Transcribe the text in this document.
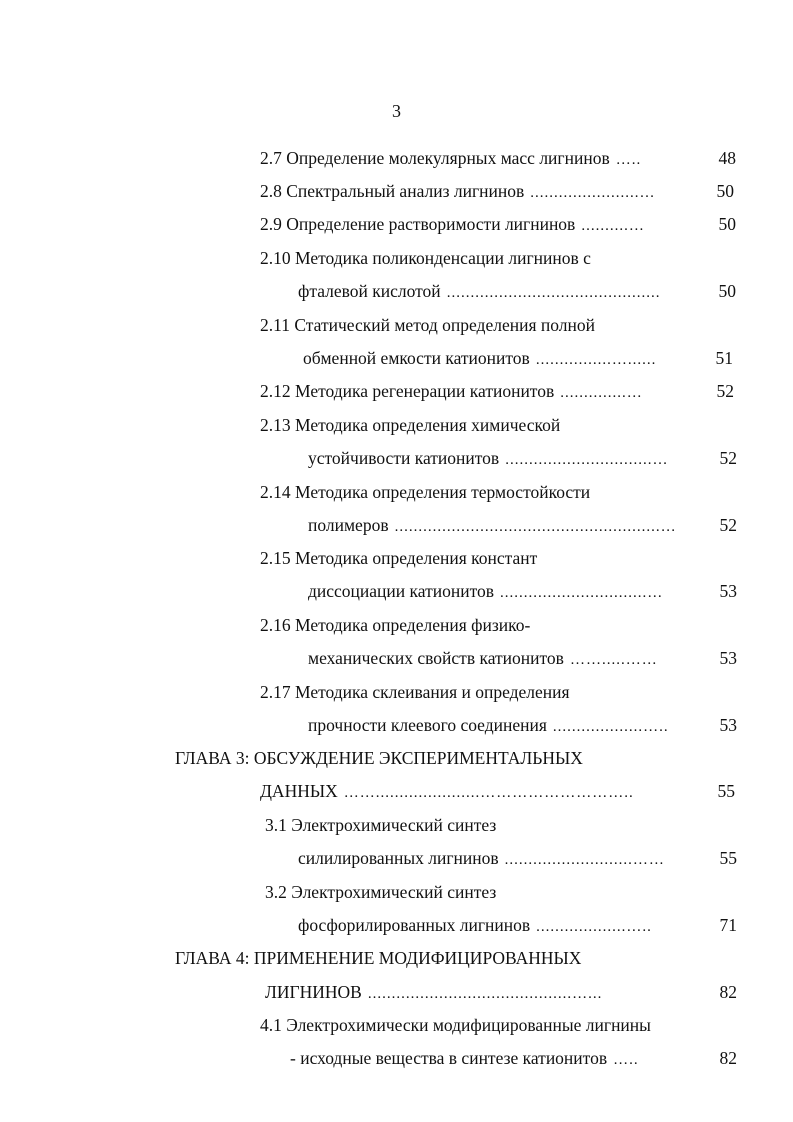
3
2.7 Определение молекулярных масс лигнинов …..	48
2.8 Спектральный анализ лигнинов .......................…	50
2.9 Определение растворимости лигнинов ..........…	50
2.10 Методика поликонденсации лигнинов с
фталевой кислотой .............................................	50
2.11 Статический метод определения полной
обменной емкости катионитов ................…......	51
2.12 Методика регенерации катионитов ..............…	52
2.13 Методика определения химической
устойчивости катионитов ...............................…	52
2.14 Методика определения термостойкости
полимеров ........................................................…	52
2.15 Методика определения констант
диссоциации катионитов ...............................…	53
2.16 Методика определения физико-
механических свойств катионитов …….....……	53
2.17 Методика склеивания и определения
прочности клеевого соединения ...................…..	53
ГЛАВА 3: ОБСУЖДЕНИЕ ЭКСПЕРИМЕНТАЛЬНЫХ
ДАННЫХ ……......................………………………..	55
3.1 Электрохимический синтез
силилированных лигнинов ...........................……	55
3.2 Электрохимический синтез
фосфорилированных лигнинов ...................…..	71
ГЛАВА 4: ПРИМЕНЕНИЕ МОДИФИЦИРОВАННЫХ
ЛИГНИНОВ ...........................................…...	82
4.1 Электрохимически модифицированные лигнины
- исходные вещества в синтезе катионитов …..	82
